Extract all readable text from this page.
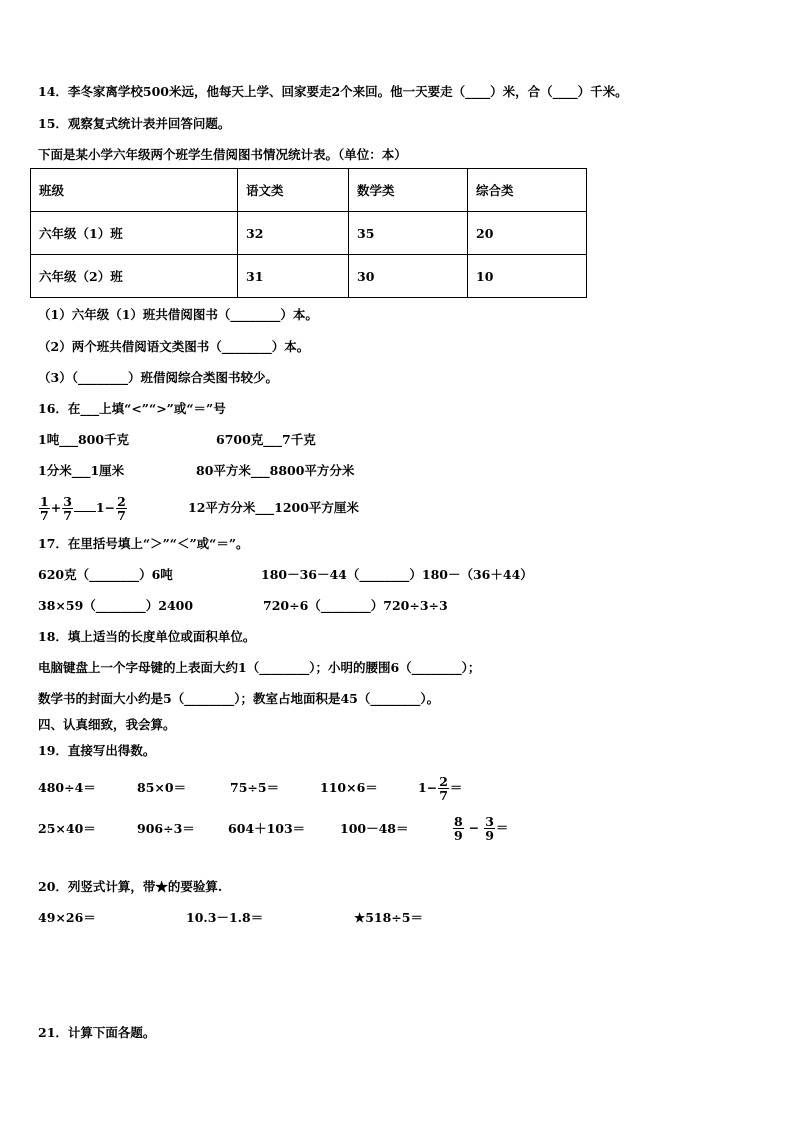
14．李冬家离学校500米远，他每天上学、回家要走2个来回。他一天要走（____）米，合（____）千米。
15．观察复式统计表并回答问题。
下面是某小学六年级两个班学生借阅图书情况统计表。（单位：本）
班级	语文类	数学类	综合类
六年级（1）班	32	35	20
六年级（2）班	31	30	10
（1）六年级（1）班共借阅图书（________）本。
（2）两个班共借阅语文类图书（________）本。
（3）（________）班借阅综合类图书较少。
16．在___上填“<”“>”或“＝”号
1吨___800千克	6700克___7千克
1分米___1厘米	80平方米___8800平方分米
$\frac{1}{7} + \frac{3}{7} 1- \frac{2}{7}$	12平方分米___1200平方厘米
17．在里括号填上“＞”“＜”或“＝”。
620克（________）6吨	180－36－44（________）180－（36＋44）
38×59（________）2400	720÷6（________）720÷3÷3
18．填上适当的长度单位或面积单位。
电脑键盘上一个字母键的上表面大约1（________）；小明的腰围6（________）；
数学书的封面大小约是5（________）；教室占地面积是45（________）。
四、认真细致，我会算。
19．直接写出得数。
480÷4＝	85×0＝	75÷5＝	110×6＝	$1- \frac{2}{7}$ ＝
25×40＝	906÷3＝	604＋103＝	100－48＝	$\frac{8}{9} - \frac{3}{9}$ ＝
20．列竖式计算，带★的要验算.
49×26＝	10.3－1.8＝	★518÷5＝
21．计算下面各题。
